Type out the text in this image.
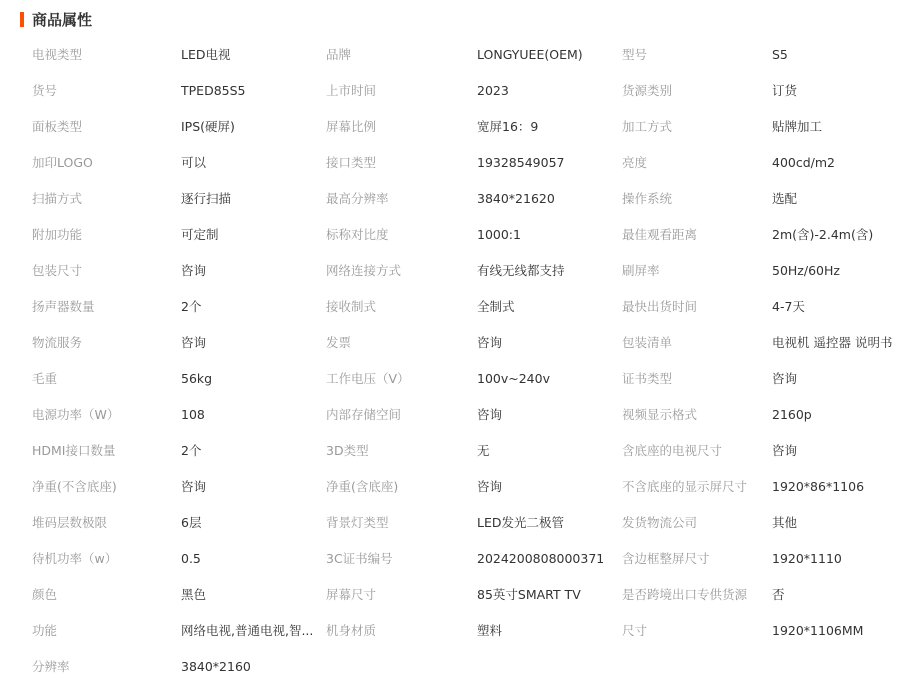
商品属性
电视类型	LED电视	品牌	LONGYUEE(OEM)	型号	S5
货号	TPED85S5	上市时间	2023	货源类别	订货
面板类型	IPS(硬屏)	屏幕比例	宽屏16：9	加工方式	贴牌加工
加印LOGO	可以	接口类型	19328549057	亮度	400cd/m2
扫描方式	逐行扫描	最高分辨率	3840*21620	操作系统	选配
附加功能	可定制	标称对比度	1000:1	最佳观看距离	2m(含)-2.4m(含)
包装尺寸	咨询	网络连接方式	有线无线都支持	刷屏率	50Hz/60Hz
扬声器数量	2个	接收制式	全制式	最快出货时间	4-7天
物流服务	咨询	发票	咨询	包装清单	电视机 遥控器 说明书
毛重	56kg	工作电压（V）	100v~240v	证书类型	咨询
电源功率（W）	108	内部存储空间	咨询	视频显示格式	2160p
HDMI接口数量	2个	3D类型	无	含底座的电视尺寸	咨询
净重(不含底座)	咨询	净重(含底座)	咨询	不含底座的显示屏尺寸	1920*86*1106
堆码层数极限	6层	背景灯类型	LED发光二极管	发货物流公司	其他
待机功率（w）	0.5	3C证书编号	2024200808000371	含边框整屏尺寸	1920*1110
颜色	黑色	屏幕尺寸	85英寸SMART TV	是否跨境出口专供货源	否
功能	网络电视,普通电视,智...	机身材质	塑料	尺寸	1920*1106MM
分辨率	3840*2160				
